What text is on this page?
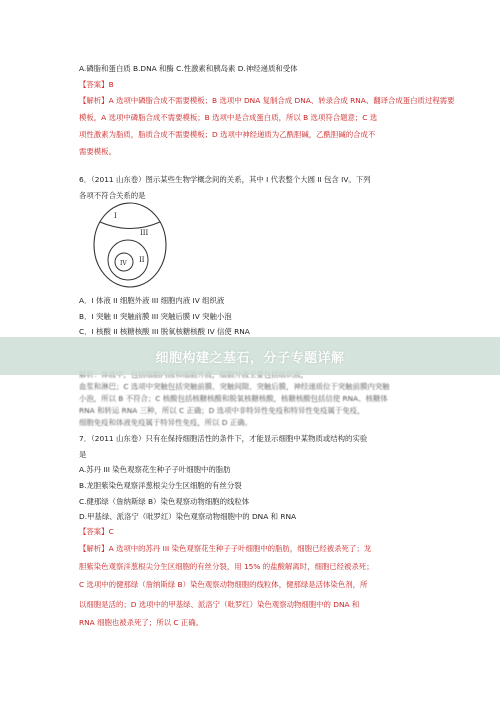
A.磷脂和蛋白质 B.DNA 和酶 C.性激素和胰岛素 D.神经递质和受体
【答案】B
【解析】A 选项中磷脂合成不需要模板；B 选项中 DNA 复制合成 DNA、转录合成 RNA、翻译合成蛋白质过程需要
模板，A 选项中磷脂合成不需要模板；B 选项中是合成蛋白质，所以 B 选项符合题意；C 选
项性激素为脂质，脂质合成不需要模板；D 选项中神经递质为乙酰胆碱，乙酰胆碱的合成不
需要模板。
6．（2011 山东卷）图示某些生物学概念间的关系，其中 I 代表整个大圆 II 包含 IV。下列
各项不符合关系的是
A．I 体液 II 细胞外液 III 细胞内液 IV 组织液
B．I 突触 II 突触前膜 III 突触后膜 IV 突触小泡
C．I 核酸 II 核糖核酸 III 脱氧核糖核酸 IV 信使 RNA
血浆和淋巴；C 选项中突触包括突触前膜、突触间隙、突触后膜，神经递质位于突触前膜内突触
小泡，所以 B 不符合；C 核酸包括核糖核酸和脱氧核糖核酸，核糖核酸包括信使 RNA、核糖体
RNA 和转运 RNA 三种，所以 C 正确；D 选项中非特异性免疫和特异性免疫属于免疫，
细胞免疫和体液免疫属于特异性免疫，所以 D 正确。
7．（2011 山东卷）只有在保持细胞活性的条件下，才能显示细胞中某物质或结构的实验
是
A.苏丹 III 染色观察花生种子子叶细胞中的脂肪
B.龙胆紫染色观察洋葱根尖分生区细胞的有丝分裂
C.健那绿（詹纳斯绿 B）染色观察动物细胞的线粒体
D.甲基绿、派洛宁（吡罗红）染色观察动物细胞中的 DNA 和 RNA
【答案】C
【解析】A 选项中的苏丹 III 染色观察花生种子子叶细胞中的脂肪，细胞已经被杀死了；龙
胆紫染色观察洋葱根尖分生区细胞的有丝分裂，用 15% 的盐酸解离时，细胞已经被杀死；
C 选项中的健那绿（詹纳斯绿 B）染色观察动物细胞的线粒体，健那绿是活体染色剂，所
以细胞是活的；D 选项中的甲基绿、派洛宁（吡罗红）染色观察动物细胞中的 DNA 和
RNA 细胞也被杀死了；所以 C 正确。
I
III
II
IV
细胞构建之基石，分子专题详解
